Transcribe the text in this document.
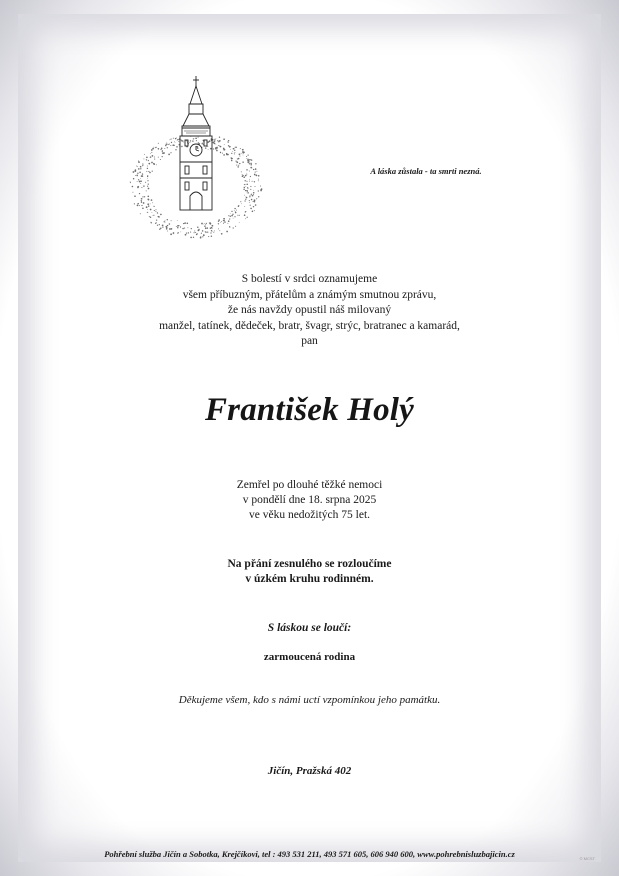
A láska zůstala - ta smrti nezná.
S bolestí v srdci oznamujeme
všem příbuzným, přátelům a známým smutnou zprávu,
že nás navždy opustil náš milovaný
manžel, tatínek, dědeček, bratr, švagr, strýc, bratranec a kamarád,
pan
František Holý
Zemřel po dlouhé těžké nemoci
v pondělí dne 18. srpna 2025
ve věku nedožitých 75 let.
Na přání zesnulého se rozloučíme
v úzkém kruhu rodinném.
S láskou se loučí:
zarmoucená rodina
Děkujeme všem, kdo s námi uctí vzpomínkou jeho památku.
Jičín, Pražská 402
Pohřební služba Jičín a Sobotka, Krejčíkovi, tel : 493 531 211, 493 571 605, 606 940 600, www.pohrebnisluzbajicin.cz	© MCST
